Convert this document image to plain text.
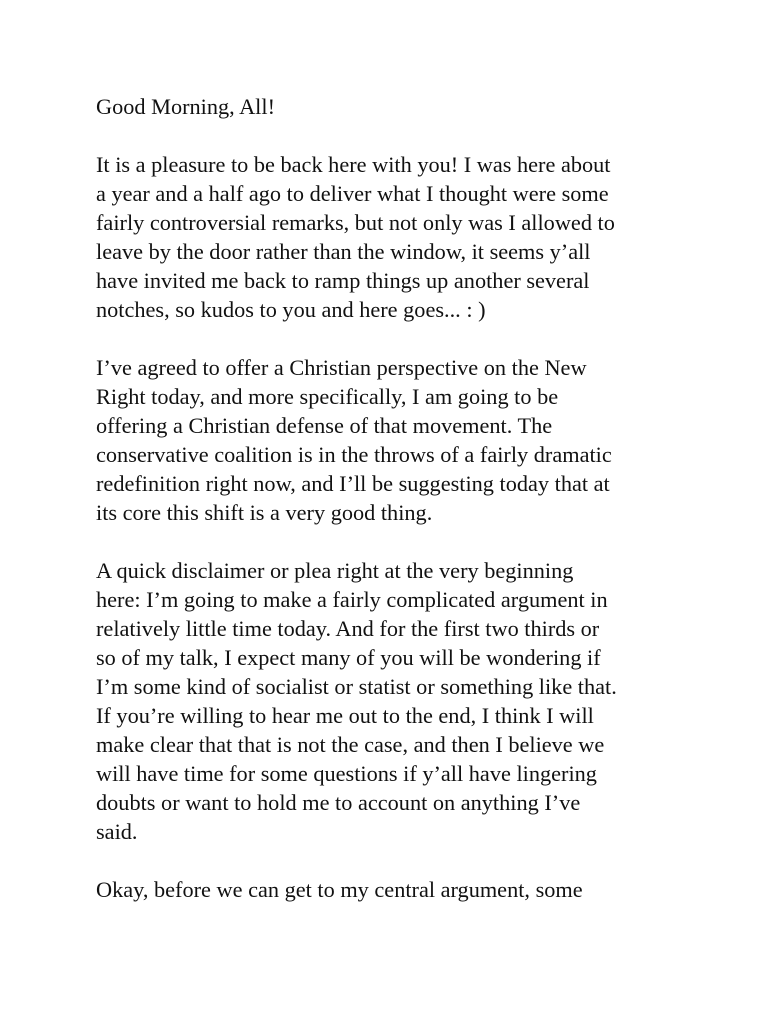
Good Morning, All!

It is a pleasure to be back here with you! I was here about
a year and a half ago to deliver what I thought were some
fairly controversial remarks, but not only was I allowed to
leave by the door rather than the window, it seems y’all
have invited me back to ramp things up another several
notches, so kudos to you and here goes... : )

I’ve agreed to offer a Christian perspective on the New
Right today, and more specifically, I am going to be
offering a Christian defense of that movement. The
conservative coalition is in the throws of a fairly dramatic
redefinition right now, and I’ll be suggesting today that at
its core this shift is a very good thing.

A quick disclaimer or plea right at the very beginning
here: I’m going to make a fairly complicated argument in
relatively little time today. And for the first two thirds or
so of my talk, I expect many of you will be wondering if
I’m some kind of socialist or statist or something like that.
If you’re willing to hear me out to the end, I think I will
make clear that that is not the case, and then I believe we
will have time for some questions if y’all have lingering
doubts or want to hold me to account on anything I’ve
said.

Okay, before we can get to my central argument, some
